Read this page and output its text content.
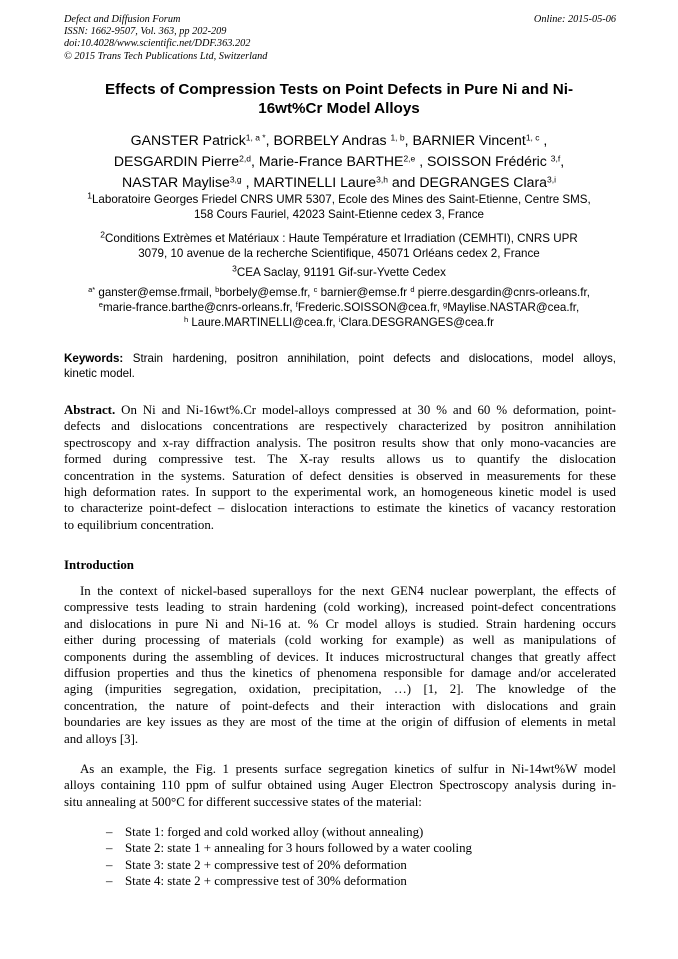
Defect and Diffusion Forum
ISSN: 1662-9507, Vol. 363, pp 202-209
doi:10.4028/www.scientific.net/DDF.363.202
© 2015 Trans Tech Publications Ltd, Switzerland
Online: 2015-05-06
Effects of Compression Tests on Point Defects in Pure Ni and Ni-
16wt%Cr Model Alloys
GANSTER Patrick$^{1, a *}$, BORBELY Andras $^{1, b}$, BARNIER Vincent$^{1, c}$ ,
DESGARDIN Pierre$^{2,d}$, Marie-France BARTHE$^{2,e}$ , SOISSON Frédéric $^{3,f}$,
NASTAR Maylise$^{3,g}$ , MARTINELLI Laure$^{3,h}$ and DEGRANGES Clara$^{3,i}$
$^1$Laboratoire Georges Friedel CNRS UMR 5307, Ecole des Mines des Saint-Etienne, Centre SMS,
158 Cours Fauriel, 42023 Saint-Etienne cedex 3, France
$^2$Conditions Extrèmes et Matériaux : Haute Température et Irradiation (CEMHTI), CNRS UPR
3079, 10 avenue de la recherche Scientifique, 45071 Orléans cedex 2, France
$^3$CEA Saclay, 91191 Gif-sur-Yvette Cedex
$^{a*}$ ganster@emse.frmail, $^b$borbely@emse.fr, $^c$ barnier@emse.fr $^d$ pierre.desgardin@cnrs-orleans.fr,
$^e$marie-france.barthe@cnrs-orleans.fr, $^f$Frederic.SOISSON@cea.fr, $^g$Maylise.NASTAR@cea.fr,
$^h$ Laure.MARTINELLI@cea.fr, $^i$Clara.DESGRANGES@cea.fr
Keywords: Strain hardening, positron annihilation, point defects and dislocations, model alloys,
kinetic model.
Abstract. On Ni and Ni-16wt%.Cr model-alloys compressed at 30 % and 60 % deformation, point-
defects and dislocations concentrations are respectively characterized by positron annihilation
spectroscopy and x-ray diffraction analysis. The positron results show that only mono-vacancies are
formed during compressive test. The X-ray results allows us to quantify the dislocation
concentration in the systems. Saturation of defect densities is observed in measurements for these
high deformation rates. In support to the experimental work, an homogeneous kinetic model is used
to characterize point-defect – dislocation interactions to estimate the kinetics of vacancy restoration
to equilibrium concentration.
Introduction
In the context of nickel-based superalloys for the next GEN4 nuclear powerplant, the effects of
compressive tests leading to strain hardening (cold working), increased point-defect concentrations
and dislocations in pure Ni and Ni-16 at. % Cr model alloys is studied. Strain hardening occurs
either during processing of materials (cold working for example) as well as manipulations of
components during the assembling of devices. It induces microstructural changes that greatly affect
diffusion properties and thus the kinetics of phenomena responsible for damage and/or accelerated
aging (impurities segregation, oxidation, precipitation, …) [1, 2]. The knowledge of the
concentration, the nature of point-defects and their interaction with dislocations and grain
boundaries are key issues as they are most of the time at the origin of diffusion of elements in metal
and alloys [3].
As an example, the Fig. 1 presents surface segregation kinetics of sulfur in Ni-14wt%W model
alloys containing 110 ppm of sulfur obtained using Auger Electron Spectroscopy analysis during in-
situ annealing at 500°C for different successive states of the material:
– State 1: forged and cold worked alloy (without annealing)
– State 2: state 1 + annealing for 3 hours followed by a water cooling
– State 3: state 2 + compressive test of 20% deformation
– State 4: state 2 + compressive test of 30% deformation
